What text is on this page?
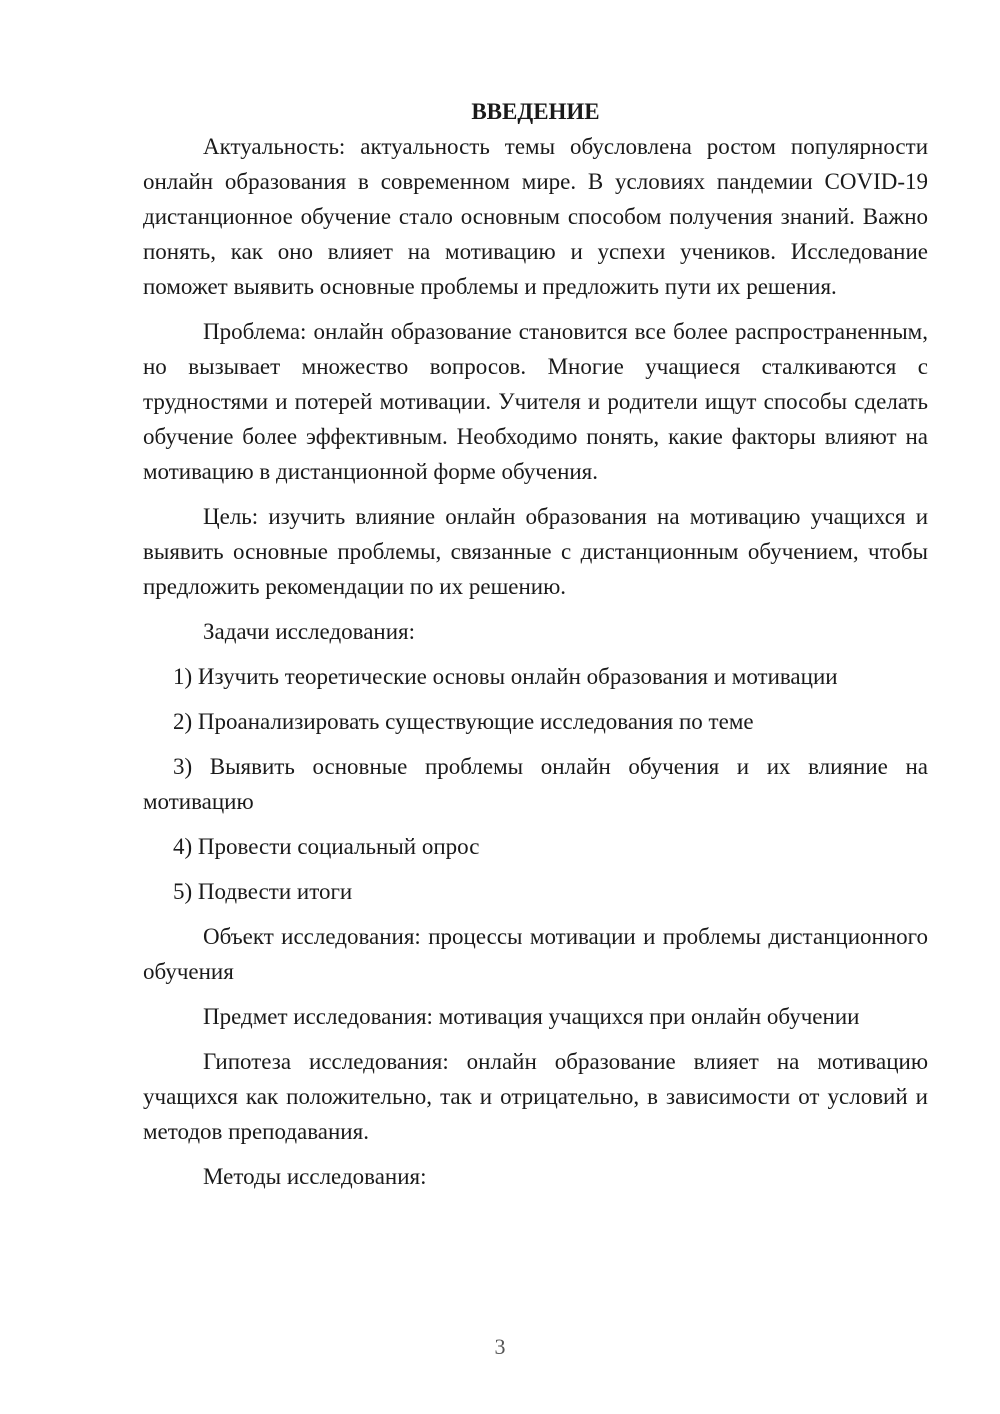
ВВЕДЕНИЕ

Актуальность: актуальность темы обусловлена ростом популярности онлайн образования в современном мире. В условиях пандемии COVID-19 дистанционное обучение стало основным способом получения знаний. Важно понять, как оно влияет на мотивацию и успехи учеников. Исследование поможет выявить основные проблемы и предложить пути их решения.

Проблема: онлайн образование становится все более распространенным, но вызывает множество вопросов. Многие учащиеся сталкиваются с трудностями и потерей мотивации. Учителя и родители ищут способы сделать обучение более эффективным. Необходимо понять, какие факторы влияют на мотивацию в дистанционной форме обучения.

Цель: изучить влияние онлайн образования на мотивацию учащихся и выявить основные проблемы, связанные с дистанционным обучением, чтобы предложить рекомендации по их решению.

Задачи исследования:

1) Изучить теоретические основы онлайн образования и мотивации

2) Проанализировать существующие исследования по теме

3) Выявить основные проблемы онлайн обучения и их влияние на мотивацию

4) Провести социальный опрос

5) Подвести итоги

Объект исследования: процессы мотивации и проблемы дистанционного обучения

Предмет исследования: мотивация учащихся при онлайн обучении

Гипотеза исследования: онлайн образование влияет на мотивацию учащихся как положительно, так и отрицательно, в зависимости от условий и методов преподавания.

Методы исследования:

3
